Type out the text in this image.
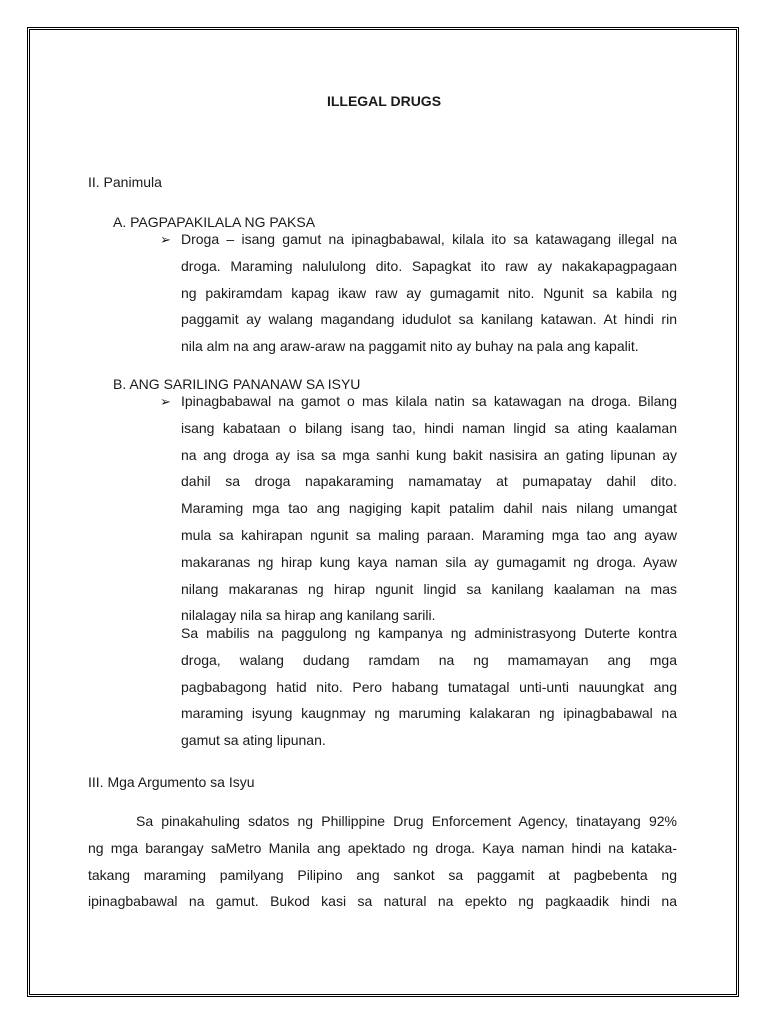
ILLEGAL DRUGS
II. Panimula
A. PAGPAPAKILALA NG PAKSA
➢ Droga – isang gamut na ipinagbabawal, kilala ito sa katawagang illegal na
droga. Maraming nalululong dito. Sapagkat ito raw ay nakakapagpagaan
ng pakiramdam kapag ikaw raw ay gumagamit nito. Ngunit sa kabila ng
paggamit ay walang magandang idudulot sa kanilang katawan. At hindi rin
nila alm na ang araw-araw na paggamit nito ay buhay na pala ang kapalit.
B. ANG SARILING PANANAW SA ISYU
➢ Ipinagbabawal na gamot o mas kilala natin sa katawagan na droga. Bilang
isang kabataan o bilang isang tao, hindi naman lingid sa ating kaalaman
na ang droga ay isa sa mga sanhi kung bakit nasisira an gating lipunan ay
dahil sa droga napakaraming namamatay at pumapatay dahil dito.
Maraming mga tao ang nagiging kapit patalim dahil nais nilang umangat
mula sa kahirapan ngunit sa maling paraan. Maraming mga tao ang ayaw
makaranas ng hirap kung kaya naman sila ay gumagamit ng droga. Ayaw
nilang makaranas ng hirap ngunit lingid sa kanilang kaalaman na mas
nilalagay nila sa hirap ang kanilang sarili.
Sa mabilis na paggulong ng kampanya ng administrasyong Duterte kontra
droga, walang dudang ramdam na ng mamamayan ang mga
pagbabagong hatid nito. Pero habang tumatagal unti-unti nauungkat ang
maraming isyung kaugnmay ng maruming kalakaran ng ipinagbabawal na
gamut sa ating lipunan.
III. Mga Argumento sa Isyu
Sa pinakahuling sdatos ng Phillippine Drug Enforcement Agency, tinatayang 92%
ng mga barangay saMetro Manila ang apektado ng droga. Kaya naman hindi na kataka-
takang maraming pamilyang Pilipino ang sankot sa paggamit at pagbebenta ng
ipinagbabawal na gamut. Bukod kasi sa natural na epekto ng pagkaadik hindi na
